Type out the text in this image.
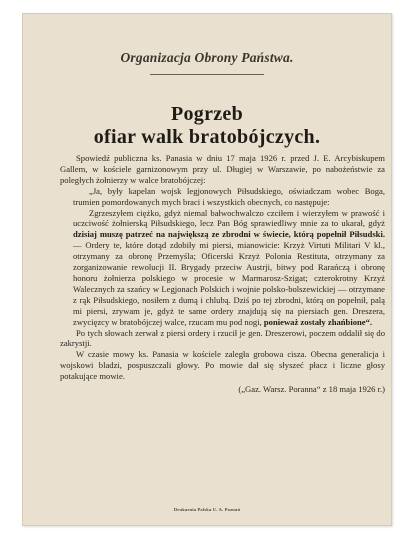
Organizacja Obrony Państwa.
Pogrzeb
ofiar walk bratobójczych.

Spowiedź publiczna ks. Panasia w dniu 17 maja 1926 r. przed J. E. Arcybiskupem Gallem, w kościele garnizonowym przy ul. Długiej w Warszawie, po nabożeństwie za poległych żołnierzy w walce bratobójczej:

„Ja, były kapelan wojsk legjonowych Piłsudskiego, oświadczam wobec Boga, trumien pomordowanych mych braci i wszystkich obecnych, co następuje:

Zgrzeszyłem ciężko, gdyż niemal bałwochwalczo czciłem i wierzyłem w prawość i uczciwość żołnierską Piłsudskiego, lecz Pan Bóg sprawiedliwy mnie za to ukarał, gdyż dzisiaj muszę patrzeć na największą ze zbrodni w świecie, którą popełnił Piłsudski. — Ordery te, które dotąd zdobiły mi piersi, mianowicie: Krzyż Virtuti Militari V kl., otrzymany za obronę Przemyśla; Oficerski Krzyż Polonia Restituta, otrzymany za zorganizowanie rewolucji II. Brygady przeciw Austrji, bitwy pod Rarańczą i obronę honoru żołnierza polskiego w procesie w Marmarosz-Szigat; czterokrotny Krzyż Walecznych za szańcy w Legjonach Polskich i wojnie polsko-bolszewickiej — otrzymane z rąk Piłsudskiego, nosiłem z dumą i chlubą. Dziś po tej zbrodni, którą on popełnił, palą mi piersi, zrywam je, gdyż te same ordery znajdują się na piersiach gen. Dreszera, zwycięzcy w bratobójczej walce, rzucam mu pod nogi, ponieważ zostały zhańbione“.

Po tych słowach zerwał z piersi ordery i rzucił je gen. Dreszerowi, poczem oddalił się do zakrystji.

W czasie mowy ks. Panasia w kościele zaległa grobowa cisza. Obecna generalicja i wojskowi bladzi, pospuszczali głowy. Po mowie dał się słyszeć płacz i liczne głosy potakujące mowie.

(„Gaz. Warsz. Poranna“ z 18 maja 1926 r.)

Drukarnia Polska U. A. Poznań
